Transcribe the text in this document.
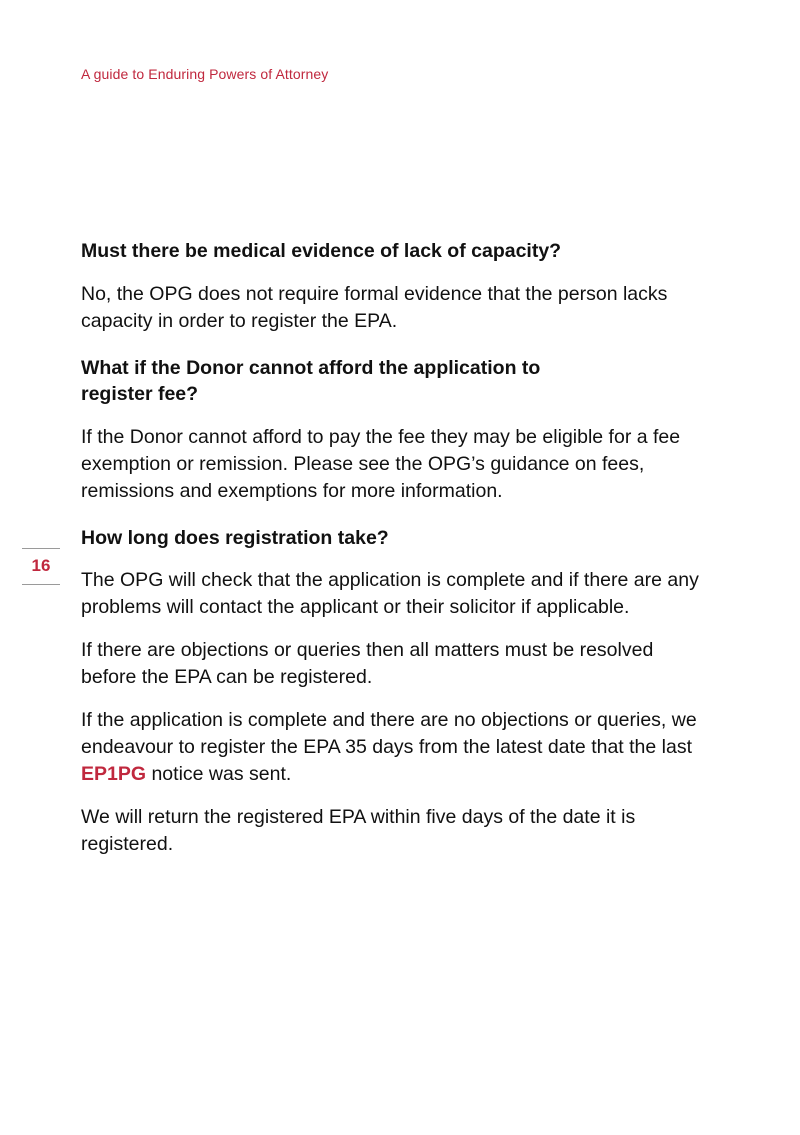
A guide to Enduring Powers of Attorney
16
Must there be medical evidence of lack of capacity?

No, the OPG does not require formal evidence that the person lacks capacity in order to register the EPA.

What if the Donor cannot afford the application to
register fee?

If the Donor cannot afford to pay the fee they may be eligible for a fee exemption or remission. Please see the OPG’s guidance on fees, remissions and exemptions for more information.

How long does registration take?

The OPG will check that the application is complete and if there are any problems will contact the applicant or their solicitor if applicable.

If there are objections or queries then all matters must be resolved before the EPA can be registered.

If the application is complete and there are no objections or queries, we endeavour to register the EPA 35 days from the latest date that the last EP1PG notice was sent.

We will return the registered EPA within five days of the date it is registered.
